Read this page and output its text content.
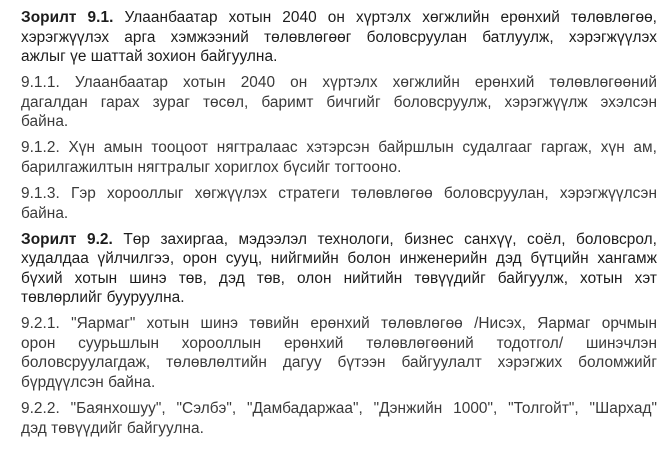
Зорилт 9.1. Улаанбаатар хотын 2040 он хүртэлх хөгжлийн ерөнхий төлөвлөгөө,
хэрэгжүүлэх арга хэмжээний төлөвлөгөөг боловсруулан батлуулж, хэрэгжүүлэх
ажлыг үе шаттай зохион байгуулна.
9.1.1. Улаанбаатар хотын 2040 он хүртэлх хөгжлийн ерөнхий төлөвлөгөөний
дагалдан гарах зураг төсөл, баримт бичгийг боловсруулж, хэрэгжүүлж эхэлсэн
байна.
9.1.2. Хүн амын тооцоот нягтралаас хэтэрсэн байршлын судалгааг гаргаж, хүн ам,
барилгажилтын нягтралыг хориглох бүсийг тогтооно.
9.1.3. Гэр хорооллыг хөгжүүлэх стратеги төлөвлөгөө боловсруулан, хэрэгжүүлсэн
байна.
Зорилт 9.2. Төр захиргаа, мэдээлэл технологи, бизнес санхүү, соёл, боловсрол,
худалдаа үйлчилгээ, орон сууц, нийгмийн болон инженерийн дэд бүтцийн хангамж
бүхий хотын шинэ төв, дэд төв, олон нийтийн төвүүдийг байгуулж, хотын хэт
төвлөрлийг бууруулна.
9.2.1. "Яармаг" хотын шинэ төвийн ерөнхий төлөвлөгөө /Нисэх, Яармаг орчмын
орон суурьшлын хорооллын ерөнхий төлөвлөгөөний тодотгол/ шинэчлэн
боловсруулагдаж, төлөвлөлтийн дагуу бүтээн байгуулалт хэрэгжих боломжийг
бүрдүүлсэн байна.
9.2.2. "Баянхошуу", "Сэлбэ", "Дамбадаржаа", "Дэнжийн 1000", "Толгойт", "Шархад"
дэд төвүүдийг байгуулна.
